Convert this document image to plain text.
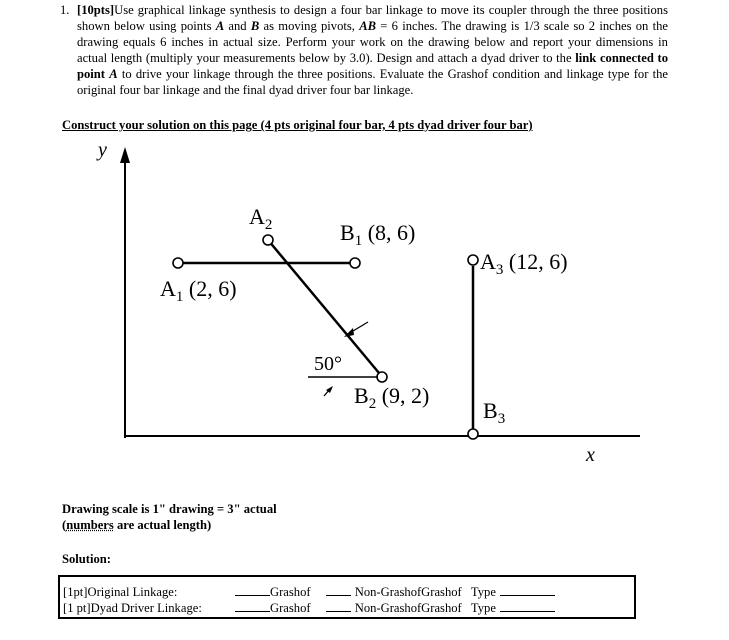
1. [10pts]Use graphical linkage synthesis to design a four bar linkage to move its coupler through the three positions shown below using points A and B as moving pivots, AB = 6 inches. The drawing is 1/3 scale so 2 inches on the drawing equals 6 inches in actual size. Perform your work on the drawing below and report your dimensions in actual length (multiply your measurements below by 3.0). Design and attach a dyad driver to the link connected to point A to drive your linkage through the three positions. Evaluate the Grashof condition and linkage type for the original four bar linkage and the final dyad driver four bar linkage.
Construct your solution on this page (4 pts original four bar, 4 pts dyad driver four bar)
y
x
$A_2$	$B_1$ (8, 6)
$A_3$ (12, 6)
$A_1$ (2, 6)
50°
$B_2$ (9, 2)
$B_3$
Drawing scale is 1" drawing = 3" actual
(numbers are actual length)
Solution:
[1pt]Original Linkage:	Grashof	Non-GrashofGrashof Type
[1 pt]Dyad Driver Linkage:	Grashof	Non-GrashofGrashof Type
